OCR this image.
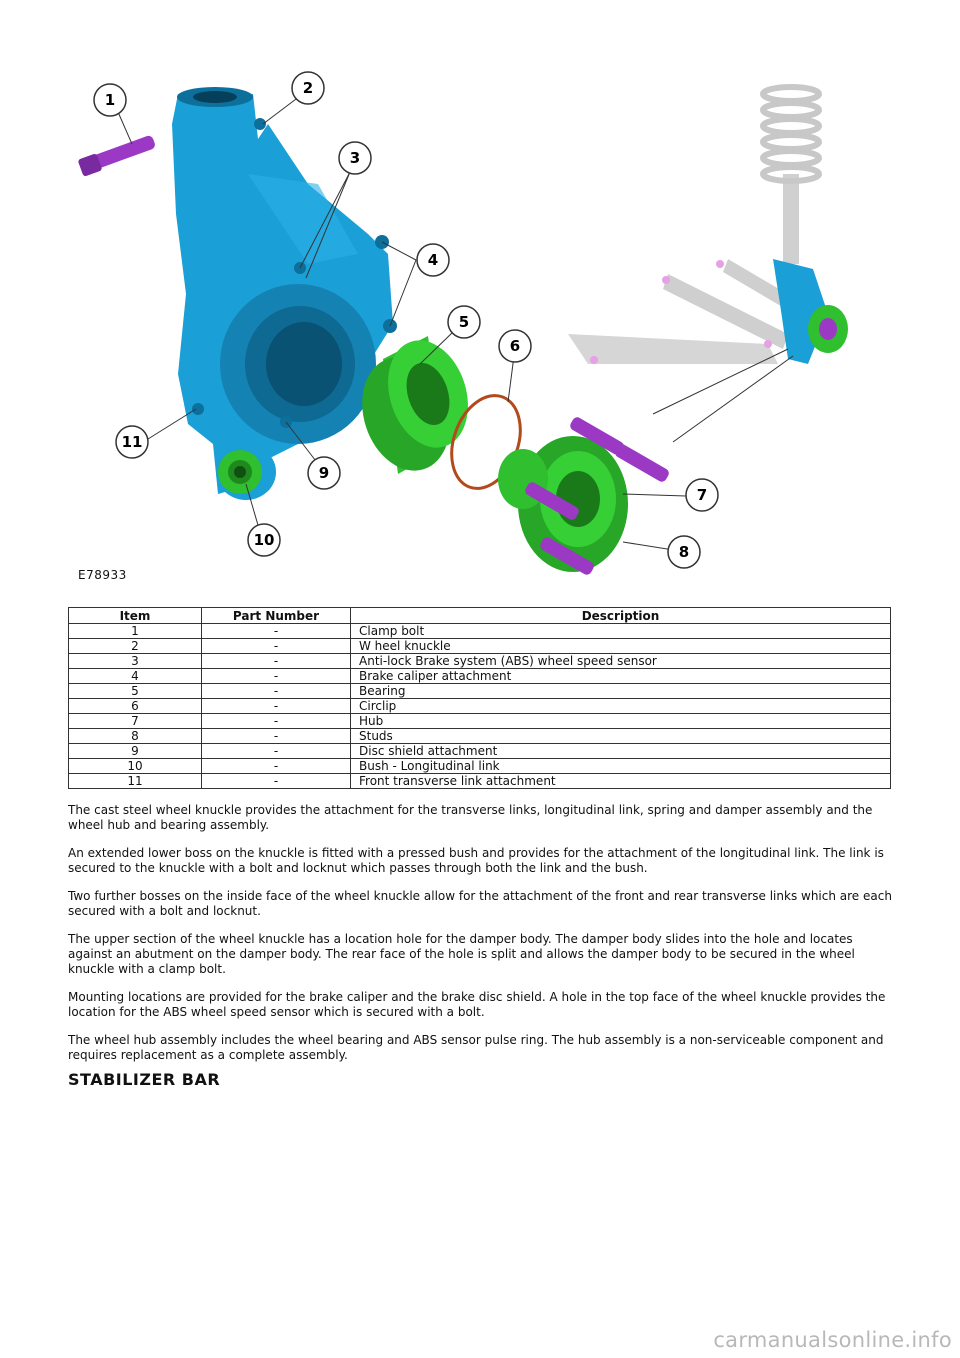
1
2
3
4
5
6
7
8
9
10
11
E78933
Item	Part Number	Description
1	-	Clamp bolt
2	-	W heel knuckle
3	-	Anti-lock Brake system (ABS) wheel speed sensor
4	-	Brake caliper attachment
5	-	Bearing
6	-	Circlip
7	-	Hub
8	-	Studs
9	-	Disc shield attachment
10	-	Bush - Longitudinal link
11	-	Front transverse link attachment

The cast steel wheel knuckle provides the attachment for the transverse links, longitudinal link, spring and damper assembly and the wheel hub and bearing assembly.

An extended lower boss on the knuckle is fitted with a pressed bush and provides for the attachment of the longitudinal link. The link is secured to the knuckle with a bolt and locknut which passes through both the link and the bush.

Two further bosses on the inside face of the wheel knuckle allow for the attachment of the front and rear transverse links which are each secured with a bolt and locknut.

The upper section of the wheel knuckle has a location hole for the damper body. The damper body slides into the hole and locates against an abutment on the damper body. The rear face of the hole is split and allows the damper body to be secured in the wheel knuckle with a clamp bolt.

Mounting locations are provided for the brake caliper and the brake disc shield. A hole in the top face of the wheel knuckle provides the location for the ABS wheel speed sensor which is secured with a bolt.

The wheel hub assembly includes the wheel bearing and ABS sensor pulse ring. The hub assembly is a non-serviceable component and requires replacement as a complete assembly.

STABILIZER BAR
carmanualsonline.info
